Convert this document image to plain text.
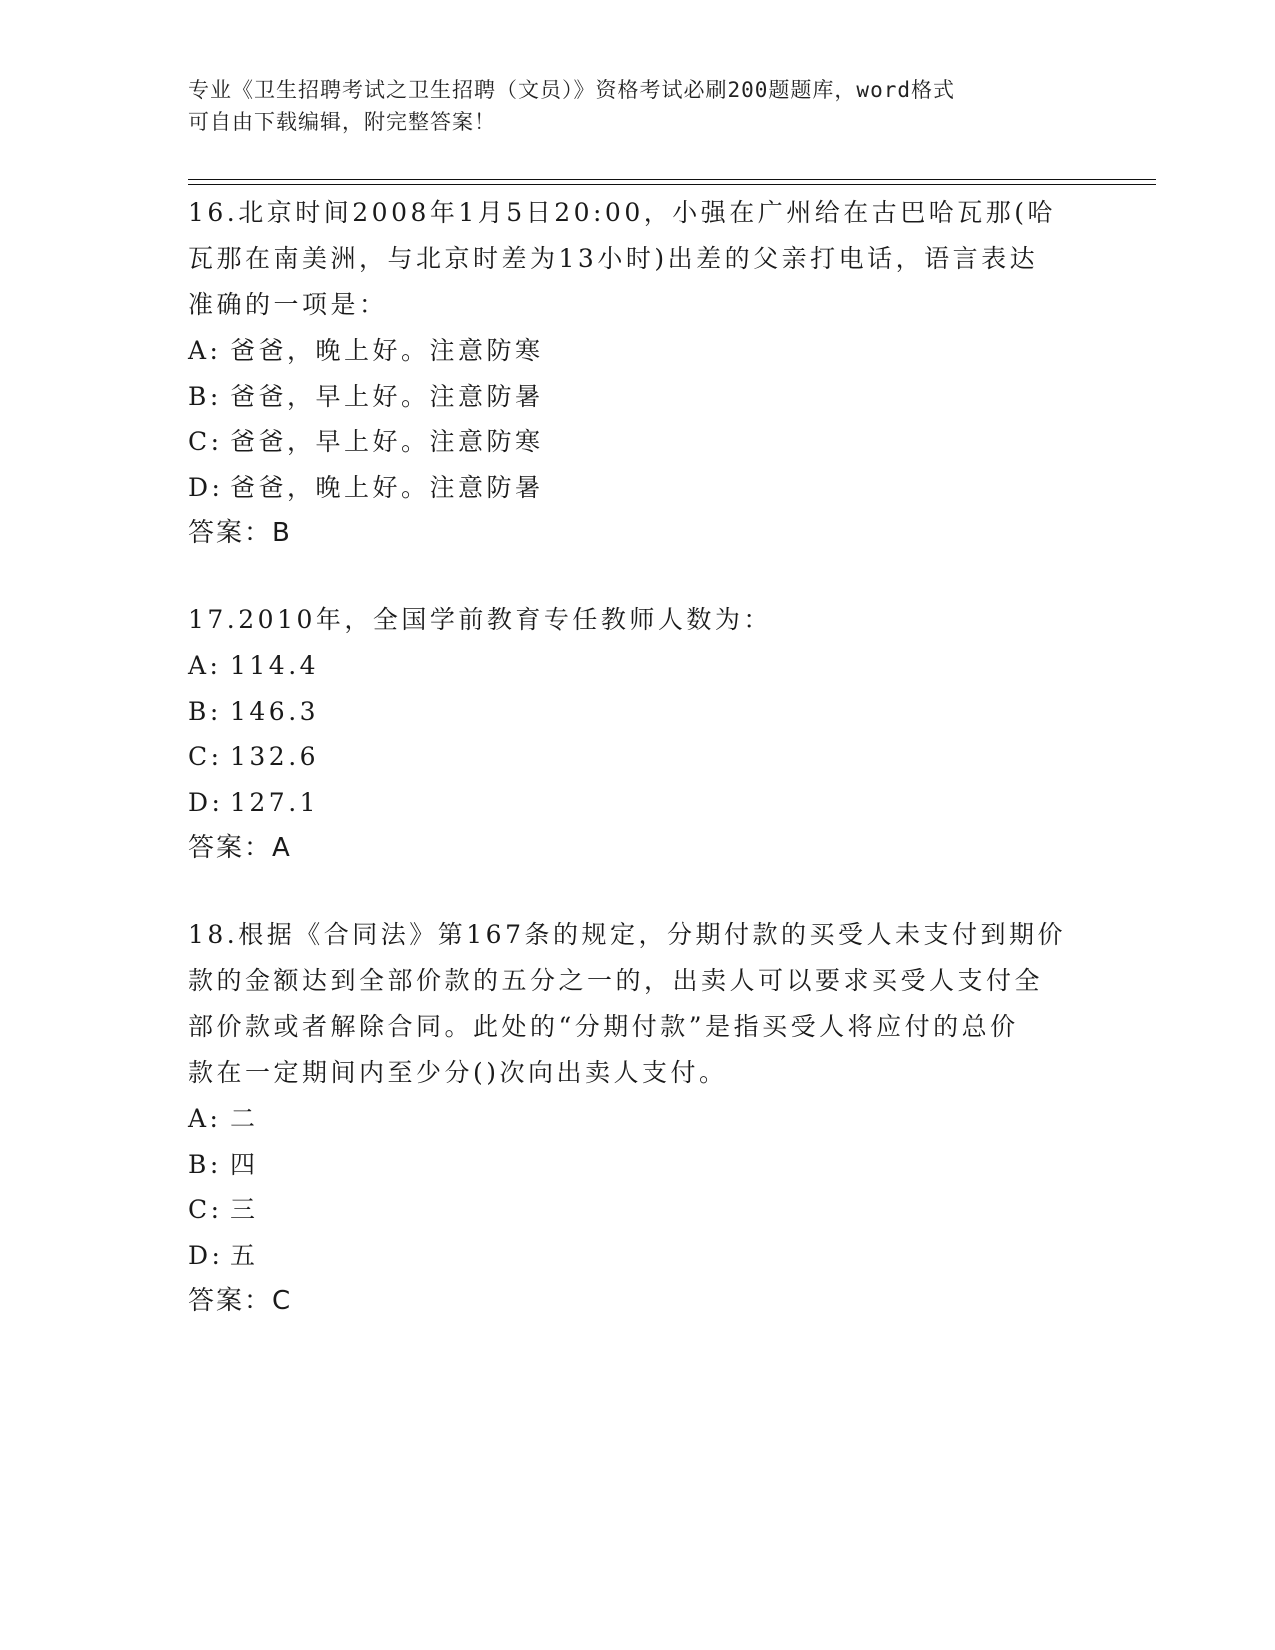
专业《卫生招聘考试之卫生招聘（文员）》资格考试必刷200题题库，word格式
可自由下载编辑，附完整答案！
16.北京时间2008年1月5日20:00，小强在广州给在古巴哈瓦那(哈
瓦那在南美洲，与北京时差为13小时)出差的父亲打电话，语言表达
准确的一项是：
A: 爸爸，晚上好。注意防寒
B: 爸爸，早上好。注意防暑
C: 爸爸，早上好。注意防寒
D: 爸爸，晚上好。注意防暑
答案：B
17.2010年，全国学前教育专任教师人数为：
A: 114.4
B: 146.3
C: 132.6
D: 127.1
答案：A
18.根据《合同法》第167条的规定，分期付款的买受人未支付到期价
款的金额达到全部价款的五分之一的，出卖人可以要求买受人支付全
部价款或者解除合同。此处的“分期付款”是指买受人将应付的总价
款在一定期间内至少分()次向出卖人支付。
A: 二
B: 四
C: 三
D: 五
答案：C
